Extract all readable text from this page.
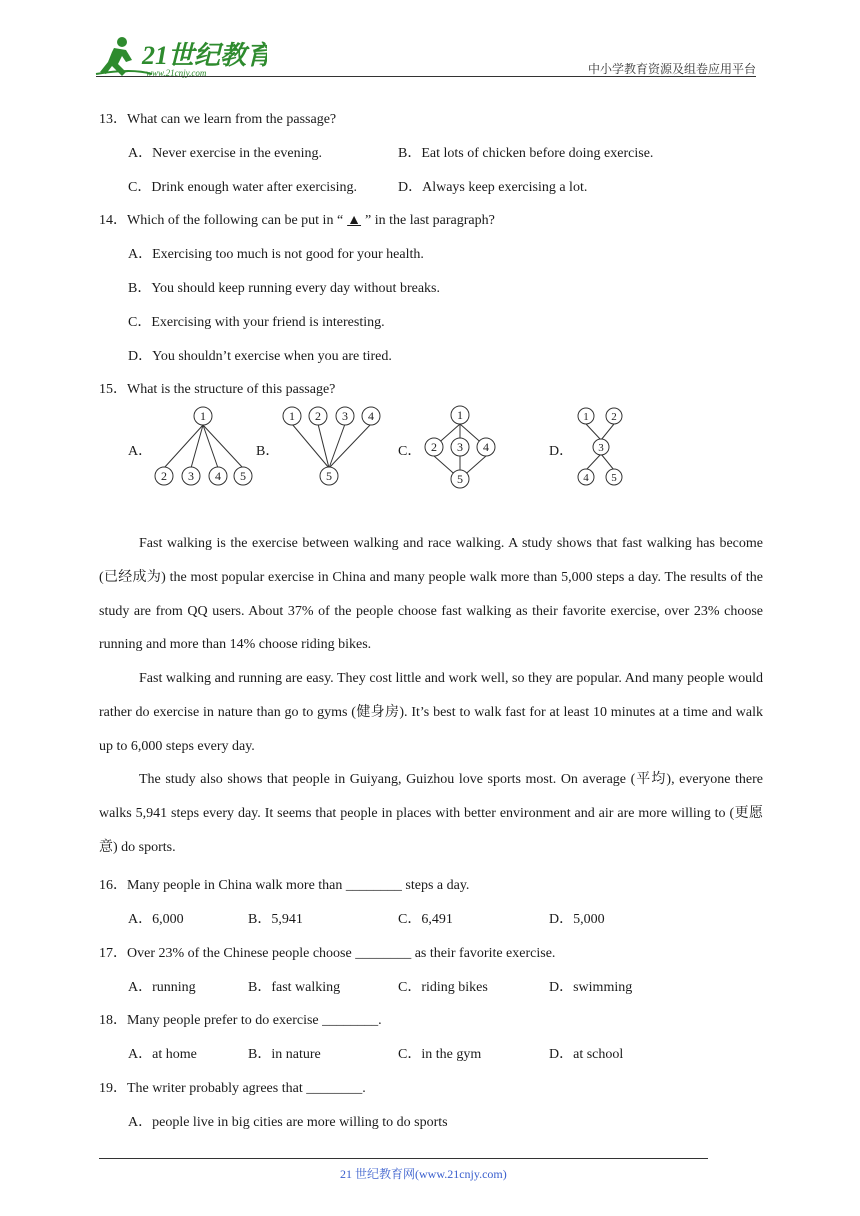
21世纪教育
www.21cnjy.com	中小学教育资源及组卷应用平台
13．What can we learn from the passage?
A．Never exercise in the evening.	B．Eat lots of chicken before doing exercise.
C．Drink enough water after exercising.	D．Always keep exercising a lot.
14．Which of the following can be put in “ ▲ ” in the last paragraph?
A．Exercising too much is not good for your health.
B．You should keep running every day without breaks.
C．Exercising with your friend is interesting.
D．You shouldn’t exercise when you are tired.
15．What is the structure of this passage?
A．	B．	C．	D．
1
2 3 4 5
1 2 3 4
5
1
2 3 4
5
1 2
3
4 5

Fast walking is the exercise between walking and race walking. A study shows that fast walking has become (已经成为) the most popular exercise in China and many people walk more than 5,000 steps a day. The results of the study are from QQ users. About 37% of the people choose fast walking as their favorite exercise, over 23% choose running and more than 14% choose riding bikes.

Fast walking and running are easy. They cost little and work well, so they are popular. And many people would rather do exercise in nature than go to gyms (健身房). It’s best to walk fast for at least 10 minutes at a time and walk up to 6,000 steps every day.

The study also shows that people in Guiyang, Guizhou love sports most. On average (平均), everyone there walks 5,941 steps every day. It seems that people in places with better environment and air are more willing to (更愿意) do sports.

16．Many people in China walk more than ________ steps a day.
A．6,000	B．5,941	C．6,491	D．5,000
17．Over 23% of the Chinese people choose ________ as their favorite exercise.
A．running	B．fast walking	C．riding bikes	D．swimming
18．Many people prefer to do exercise ________.
A．at home	B．in nature	C．in the gym	D．at school
19．The writer probably agrees that ________.
A．people live in big cities are more willing to do sports
21 世纪教育网(www.21cnjy.com)
